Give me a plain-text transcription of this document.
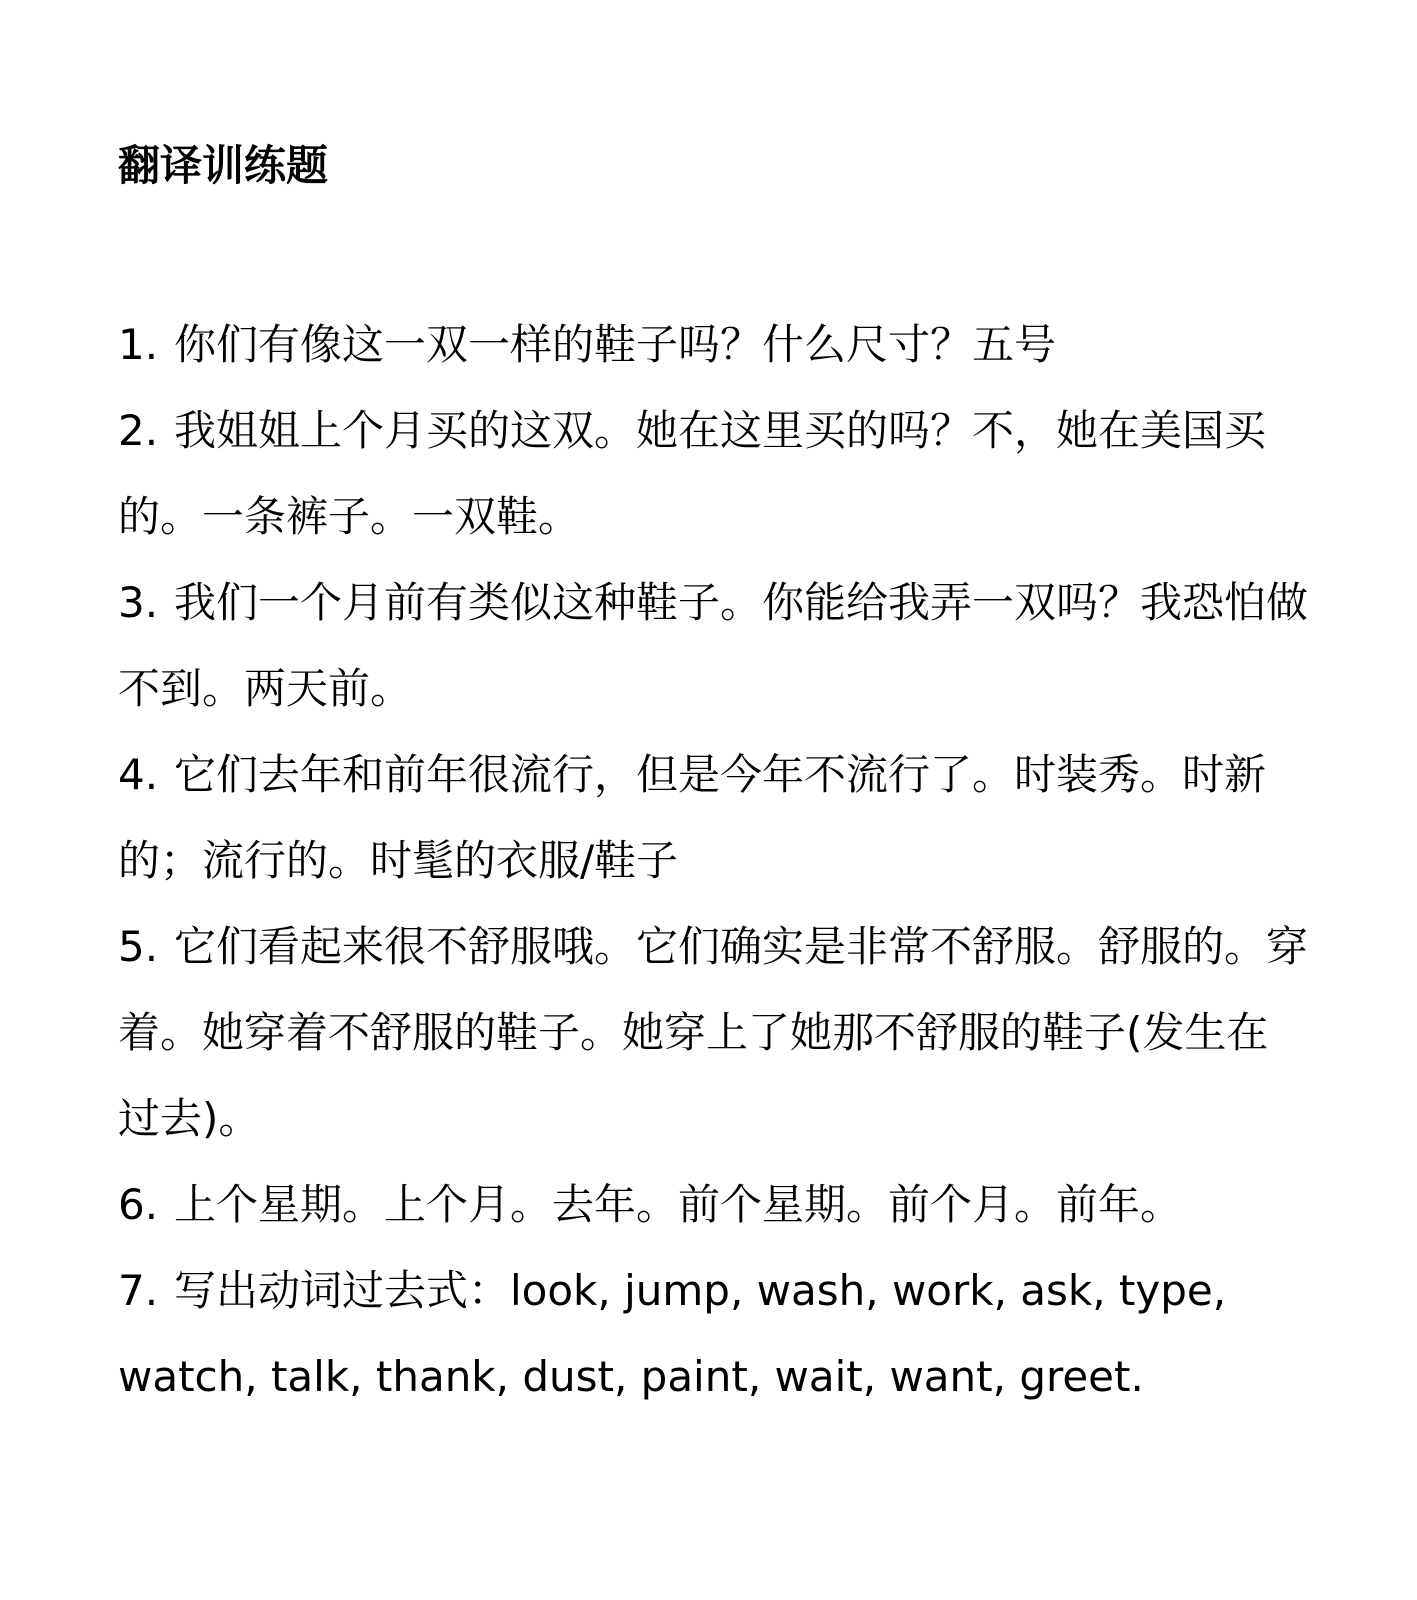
翻译训练题
1. 你们有像这一双一样的鞋子吗？什么尺寸？五号
2. 我姐姐上个月买的这双。她在这里买的吗？不，她在美国买的。一条裤子。一双鞋。
3. 我们一个月前有类似这种鞋子。你能给我弄一双吗？我恐怕做不到。两天前。
4. 它们去年和前年很流行，但是今年不流行了。时装秀。时新的；流行的。时髦的衣服/鞋子
5. 它们看起来很不舒服哦。它们确实是非常不舒服。舒服的。穿着。她穿着不舒服的鞋子。她穿上了她那不舒服的鞋子(发生在过去)。
6. 上个星期。上个月。去年。前个星期。前个月。前年。
7. 写出动词过去式：look, jump, wash, work, ask, type, watch, talk, thank, dust, paint, wait, want, greet.
